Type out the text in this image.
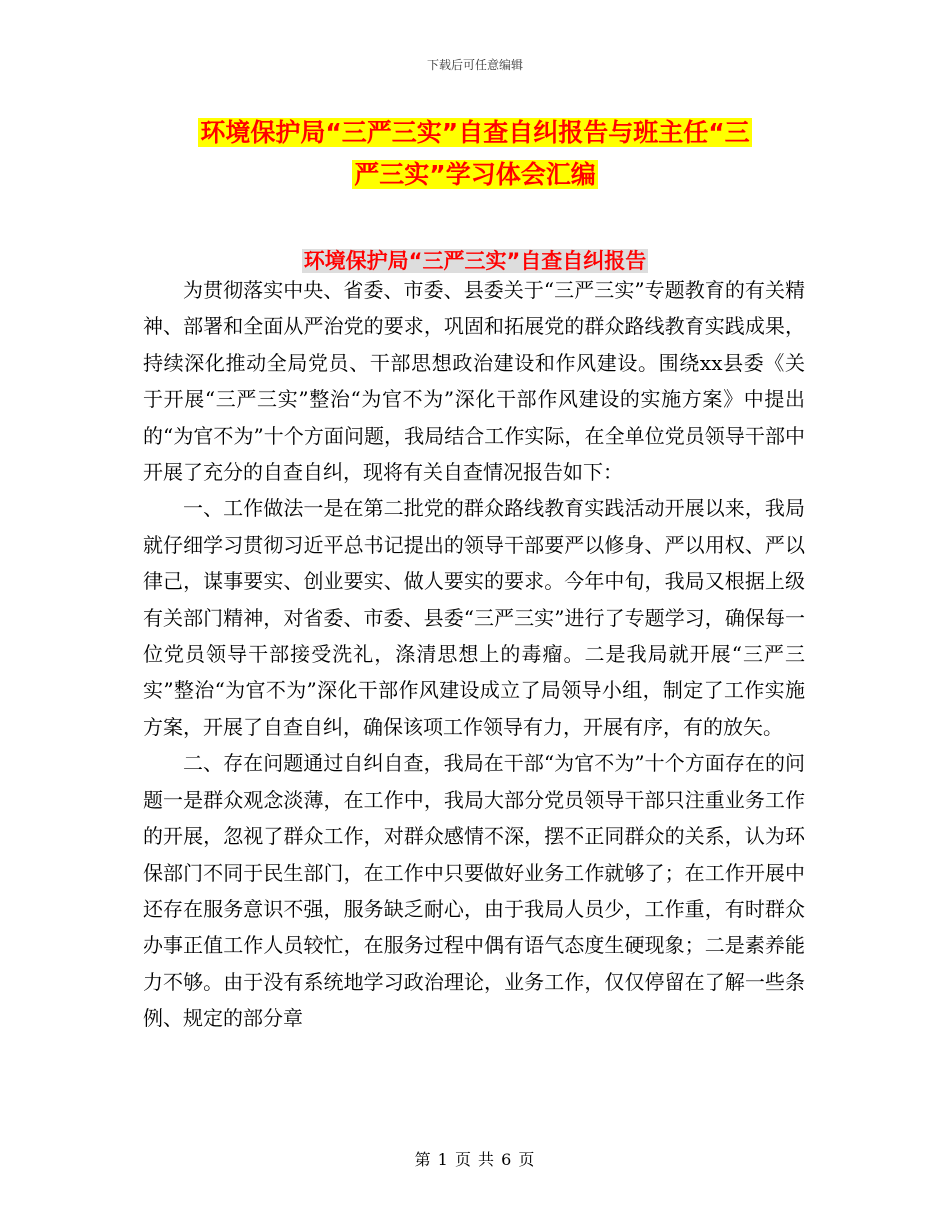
下载后可任意编辑
环境保护局“三严三实”自查自纠报告与班主任“三
严三实”学习体会汇编
环境保护局“三严三实”自查自纠报告

为贯彻落实中央、省委、市委、县委关于“三严三实”专题教育的有关精神、部署和全面从严治党的要求，巩固和拓展党的群众路线教育实践成果，持续深化推动全局党员、干部思想政治建设和作风建设。围绕xx县委《关于开展“三严三实”整治“为官不为”深化干部作风建设的实施方案》中提出的“为官不为”十个方面问题，我局结合工作实际，在全单位党员领导干部中开展了充分的自查自纠，现将有关自查情况报告如下：

一、工作做法一是在第二批党的群众路线教育实践活动开展以来，我局就仔细学习贯彻习近平总书记提出的领导干部要严以修身、严以用权、严以律己，谋事要实、创业要实、做人要实的要求。今年中旬，我局又根据上级有关部门精神，对省委、市委、县委“三严三实”进行了专题学习，确保每一位党员领导干部接受洗礼，涤清思想上的毒瘤。二是我局就开展“三严三实”整治“为官不为”深化干部作风建设成立了局领导小组，制定了工作实施方案，开展了自查自纠，确保该项工作领导有力，开展有序，有的放矢。

二、存在问题通过自纠自查，我局在干部“为官不为”十个方面存在的问题一是群众观念淡薄，在工作中，我局大部分党员领导干部只注重业务工作的开展，忽视了群众工作，对群众感情不深，摆不正同群众的关系，认为环保部门不同于民生部门，在工作中只要做好业务工作就够了；在工作开展中还存在服务意识不强，服务缺乏耐心，由于我局人员少，工作重，有时群众办事正值工作人员较忙，在服务过程中偶有语气态度生硬现象；二是素养能力不够。由于没有系统地学习政治理论，业务工作，仅仅停留在了解一些条例、规定的部分章

第 1 页 共 6 页
